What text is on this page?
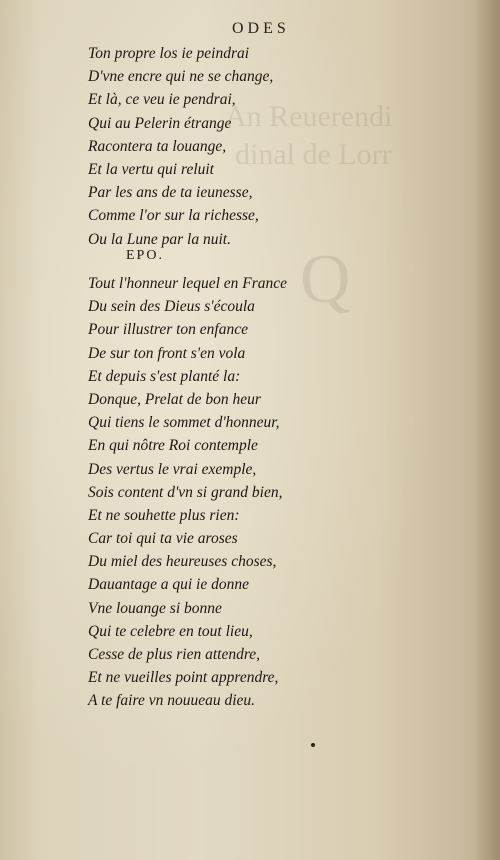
An Reuerendi
dinal de Lorr
Q
ODES
Ton propre los ie peindrai
D'vne encre qui ne se change,
Et là, ce veu ie pendrai,
Qui au Pelerin étrange
Racontera ta louange,
Et la vertu qui reluit
Par les ans de ta ieunesse,
Comme l'or sur la richesse,
Ou la Lune par la nuit.
EPO.
Tout l'honneur lequel en France
Du sein des Dieus s'écoula
Pour illustrer ton enfance
De sur ton front s'en vola
Et depuis s'est planté la:
Donque, Prelat de bon heur
Qui tiens le sommet d'honneur,
En qui nôtre Roi contemple
Des vertus le vrai exemple,
Sois content d'vn si grand bien,
Et ne souhette plus rien:
Car toi qui ta vie aroses
Du miel des heureuses choses,
Dauantage a qui ie donne
Vne louange si bonne
Qui te celebre en tout lieu,
Cesse de plus rien attendre,
Et ne vueilles point apprendre,
A te faire vn nouueau dieu.
